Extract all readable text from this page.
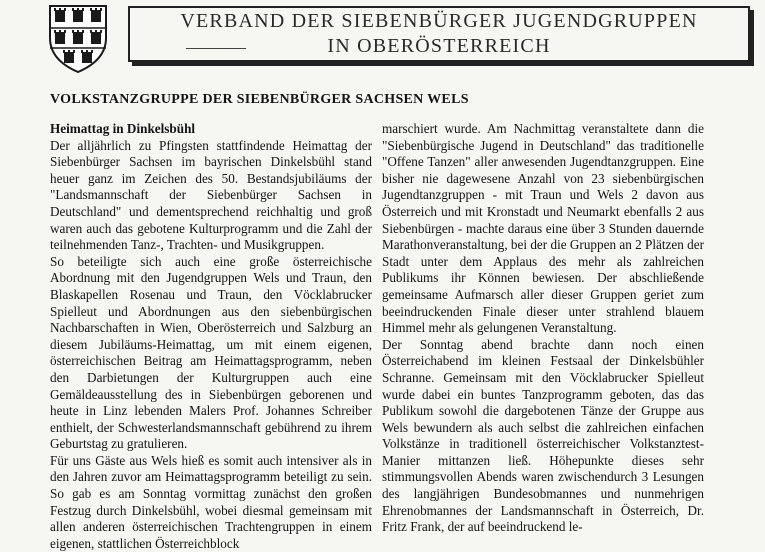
VERBAND DER SIEBENBÜRGER JUGENDGRUPPEN
IN OBERÖSTERREICH
VOLKSTANZGRUPPE DER SIEBENBÜRGER SACHSEN WELS

Heimattag in Dinkelsbühl

Der alljährlich zu Pfingsten stattfindende Heimattag der Siebenbürger Sachsen im bayrischen Dinkelsbühl stand heuer ganz im Zeichen des 50. Bestandsjubiläums der "Landsmannschaft der Siebenbürger Sachsen in Deutschland" und dementsprechend reichhaltig und groß waren auch das gebotene Kulturprogramm und die Zahl der teilnehmenden Tanz-, Trachten- und Musikgruppen.

So beteiligte sich auch eine große österreichische Abordnung mit den Jugendgruppen Wels und Traun, den Blaskapellen Rosenau und Traun, den Vöcklabrucker Spielleut und Abordnungen aus den siebenbürgischen Nachbarschaften in Wien, Oberösterreich und Salzburg an diesem Jubiläums-Heimattag, um mit einem eigenen, österreichischen Beitrag am Heimattagsprogramm, neben den Darbietungen der Kulturgruppen auch eine Gemäldeausstellung des in Siebenbürgen geborenen und heute in Linz lebenden Malers Prof. Johannes Schreiber enthielt, der Schwesterlandsmannschaft gebührend zu ihrem Geburtstag zu gratulieren.

Für uns Gäste aus Wels hieß es somit auch intensiver als in den Jahren zuvor am Heimattagsprogramm beteiligt zu sein. So gab es am Sonntag vormittag zunächst den großen Festzug durch Dinkelsbühl, wobei diesmal gemeinsam mit allen anderen österreichischen Trachtengruppen in einem eigenen, stattlichen Österreichblock

marschiert wurde. Am Nachmittag veranstaltete dann die "Siebenbürgische Jugend in Deutschland" das traditionelle "Offene Tanzen" aller anwesenden Jugendtanzgruppen. Eine bisher nie dagewesene Anzahl von 23 siebenbürgischen Jugendtanzgruppen - mit Traun und Wels 2 davon aus Österreich und mit Kronstadt und Neumarkt ebenfalls 2 aus Siebenbürgen - machte daraus eine über 3 Stunden dauernde Marathonveranstaltung, bei der die Gruppen an 2 Plätzen der Stadt unter dem Applaus des mehr als zahlreichen Publikums ihr Können bewiesen. Der abschließende gemeinsame Aufmarsch aller dieser Gruppen geriet zum beeindruckenden Finale dieser unter strahlend blauem Himmel mehr als gelungenen Veranstaltung.

Der Sonntag abend brachte dann noch einen Österreichabend im kleinen Festsaal der Dinkelsbühler Schranne. Gemeinsam mit den Vöcklabrucker Spielleut wurde dabei ein buntes Tanzprogramm geboten, das das Publikum sowohl die dargebotenen Tänze der Gruppe aus Wels bewundern als auch selbst die zahlreichen einfachen Volkstänze in traditionell österreichischer Volkstanztest-Manier mittanzen ließ. Höhepunkte dieses sehr stimmungsvollen Abends waren zwischendurch 3 Lesungen des langjährigen Bundesobmannes und nunmehrigen Ehrenobmannes der Landsmannschaft in Österreich, Dr. Fritz Frank, der auf beeindruckend le-
